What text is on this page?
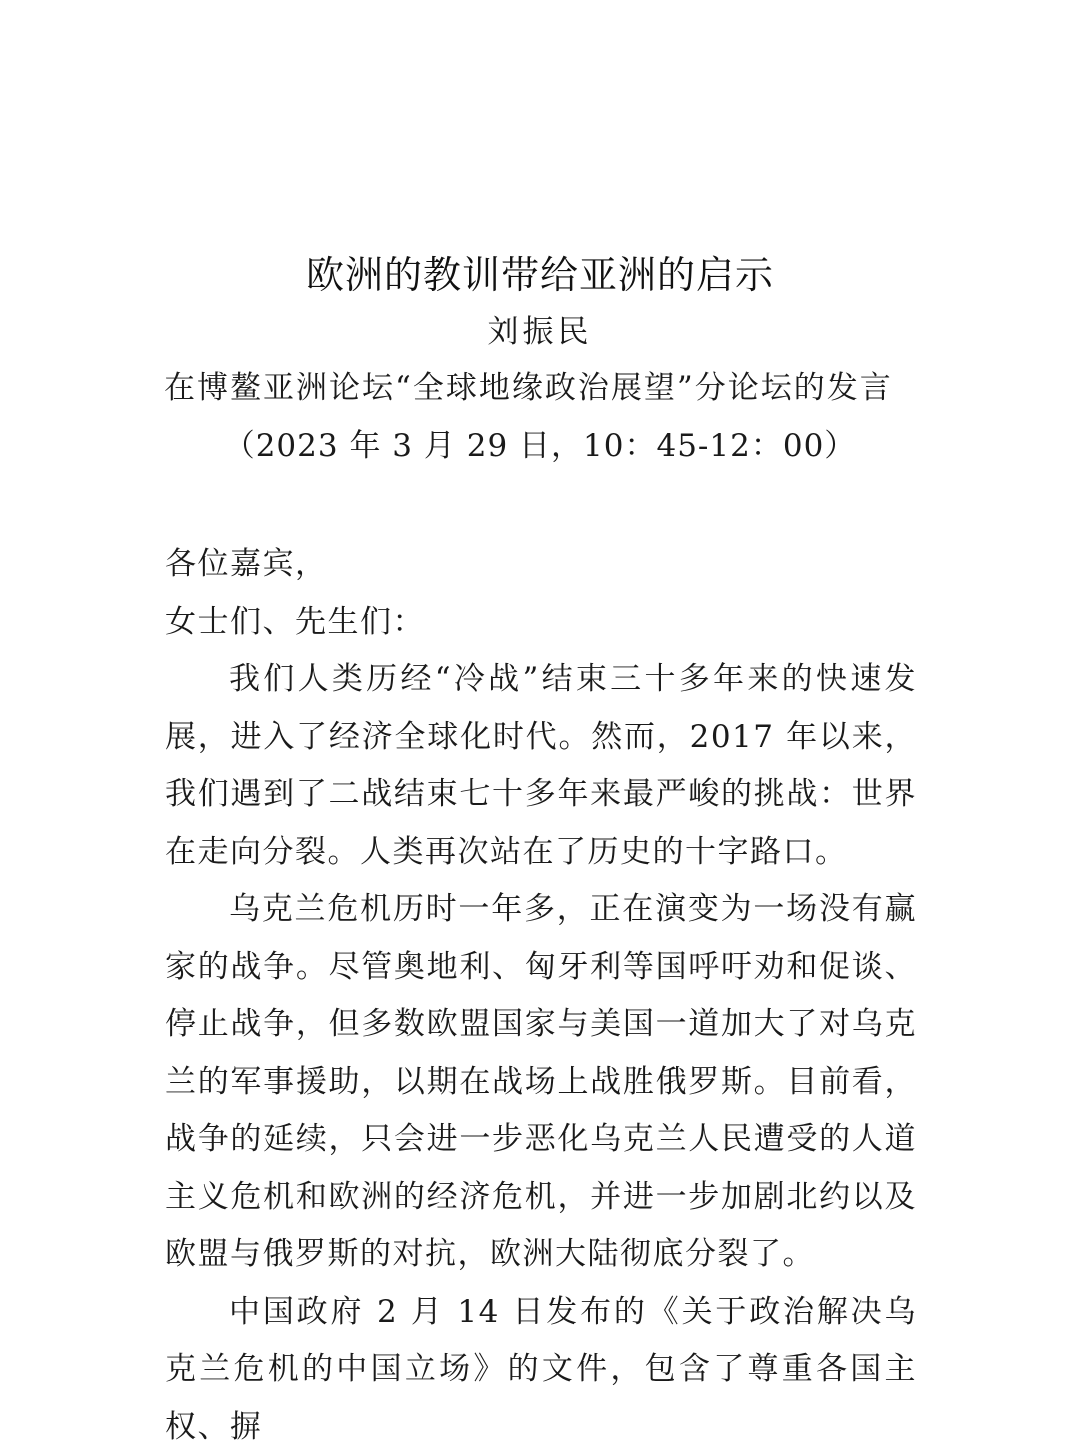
欧洲的教训带给亚洲的启示
刘振民
在博鳌亚洲论坛“全球地缘政治展望”分论坛的发言
（2023 年 3 月 29 日，10：45-12：00）

各位嘉宾，

女士们、先生们：

我们人类历经“冷战”结束三十多年来的快速发展，进入了经济全球化时代。然而，2017 年以来，我们遇到了二战结束七十多年来最严峻的挑战：世界在走向分裂。人类再次站在了历史的十字路口。

乌克兰危机历时一年多，正在演变为一场没有赢家的战争。尽管奥地利、匈牙利等国呼吁劝和促谈、停止战争，但多数欧盟国家与美国一道加大了对乌克兰的军事援助，以期在战场上战胜俄罗斯。目前看，战争的延续，只会进一步恶化乌克兰人民遭受的人道主义危机和欧洲的经济危机，并进一步加剧北约以及欧盟与俄罗斯的对抗，欧洲大陆彻底分裂了。

中国政府 2 月 14 日发布的《关于政治解决乌克兰危机的中国立场》的文件，包含了尊重各国主权、摒
